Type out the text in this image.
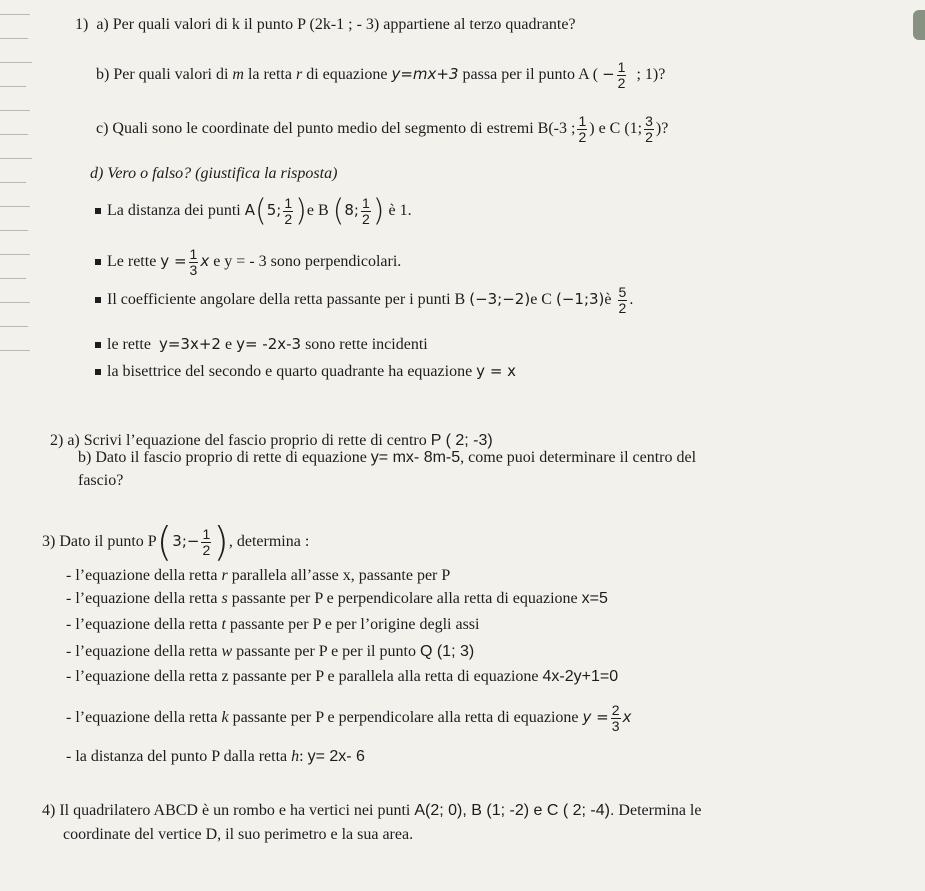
1) a) Per quali valori di k il punto P (2k-1 ; - 3) appartiene al terzo quadrante?
b) Per quali valori di m la retta r di equazione y=mx+3 passa per il punto A ( − $\frac{1}{2}$ ; 1)?
c) Quali sono le coordinate del punto medio del segmento di estremi B(-3 ; $\frac{1}{2}$ ) e C (1; $\frac{3}{2}$ )?
d) Vero o falso? (giustifica la risposta)
La distanza dei punti A(5; $\frac{1}{2} )e$ B (8; $\frac{1}{2}$ ) è 1.
Le rette $y = \frac{1}{3}$ x e y = - 3 sono perpendicolari.
Il coefficiente angolare della retta passante per i punti B (−3;−2)e C (−1;3)è $\frac{5}{2}$ .
le rette y=3x+2 e y= -2x-3 sono rette incidenti
la bisettrice del secondo e quarto quadrante ha equazione y = x
2) a) Scrivi l’equazione del fascio proprio di rette di centro P ( 2; -3)
b) Dato il fascio proprio di rette di equazione y= mx- 8m-5, come puoi determinare il centro del
fascio?
3) Dato il punto P(3;− $\frac{1}{2}$ ), determina :
- l’equazione della retta r parallela all’asse x, passante per P
- l’equazione della retta s passante per P e perpendicolare alla retta di equazione x=5
- l’equazione della retta t passante per P e per l’origine degli assi
- l’equazione della retta w passante per P e per il punto Q (1; 3)
- l’equazione della retta z passante per P e parallela alla retta di equazione 4x-2y+1=0
- l’equazione della retta k passante per P e perpendicolare alla retta di equazione $y = \frac{2}{3}$ x
- la distanza del punto P dalla retta h: y= 2x- 6
4) Il quadrilatero ABCD è un rombo e ha vertici nei punti A(2; 0), B (1; -2) e C ( 2; -4). Determina le
coordinate del vertice D, il suo perimetro e la sua area.
